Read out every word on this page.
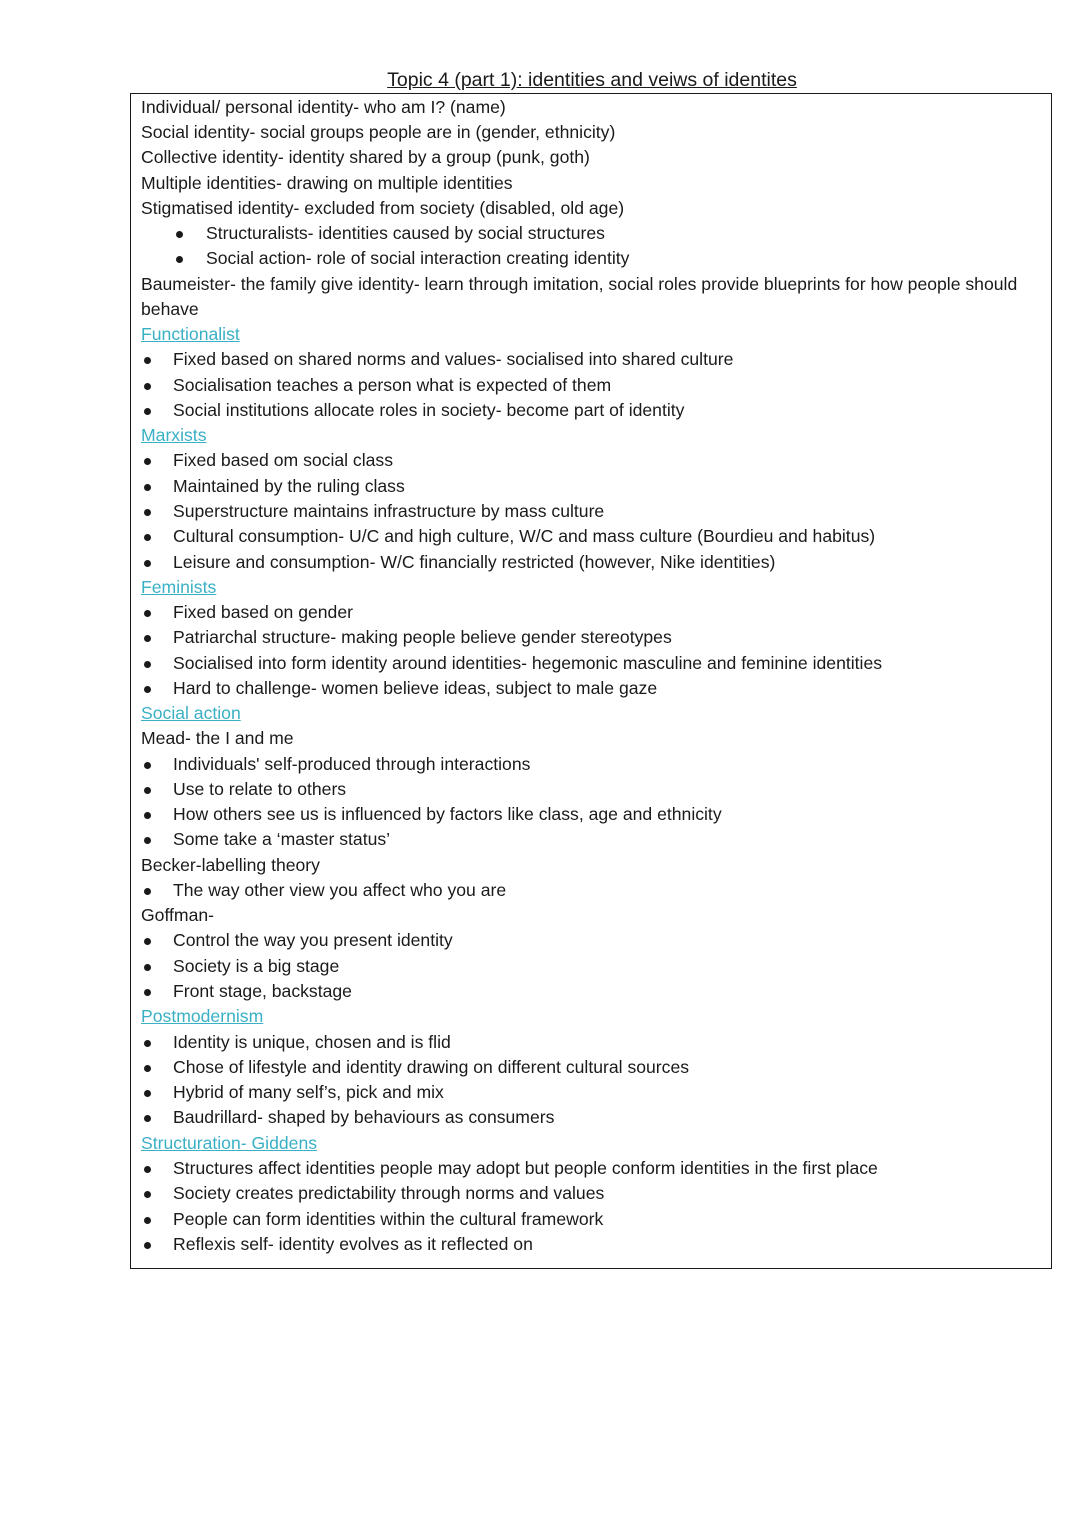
Topic 4 (part 1): identities and veiws of identites

Individual/ personal identity- who am I? (name)

Social identity- social groups people are in (gender, ethnicity)

Collective identity- identity shared by a group (punk, goth)

Multiple identities- drawing on multiple identities

Stigmatised identity- excluded from society (disabled, old age)

Structuralists- identities caused by social structures
Social action- role of social interaction creating identity

Baumeister- the family give identity- learn through imitation, social roles provide blueprints for how people should behave

Functionalist

Fixed based on shared norms and values- socialised into shared culture
Socialisation teaches a person what is expected of them
Social institutions allocate roles in society- become part of identity

Marxists

Fixed based om social class
Maintained by the ruling class
Superstructure maintains infrastructure by mass culture
Cultural consumption- U/C and high culture, W/C and mass culture (Bourdieu and habitus)
Leisure and consumption- W/C financially restricted (however, Nike identities)

Feminists

Fixed based on gender
Patriarchal structure- making people believe gender stereotypes
Socialised into form identity around identities- hegemonic masculine and feminine identities
Hard to challenge- women believe ideas, subject to male gaze

Social action

Mead- the I and me

Individuals' self-produced through interactions
Use to relate to others
How others see us is influenced by factors like class, age and ethnicity
Some take a ‘master status’

Becker-labelling theory

The way other view you affect who you are

Goffman-

Control the way you present identity
Society is a big stage
Front stage, backstage

Postmodernism

Identity is unique, chosen and is flid
Chose of lifestyle and identity drawing on different cultural sources
Hybrid of many self’s, pick and mix
Baudrillard- shaped by behaviours as consumers

Structuration- Giddens

Structures affect identities people may adopt but people conform identities in the first place
Society creates predictability through norms and values
People can form identities within the cultural framework
Reflexis self- identity evolves as it reflected on
